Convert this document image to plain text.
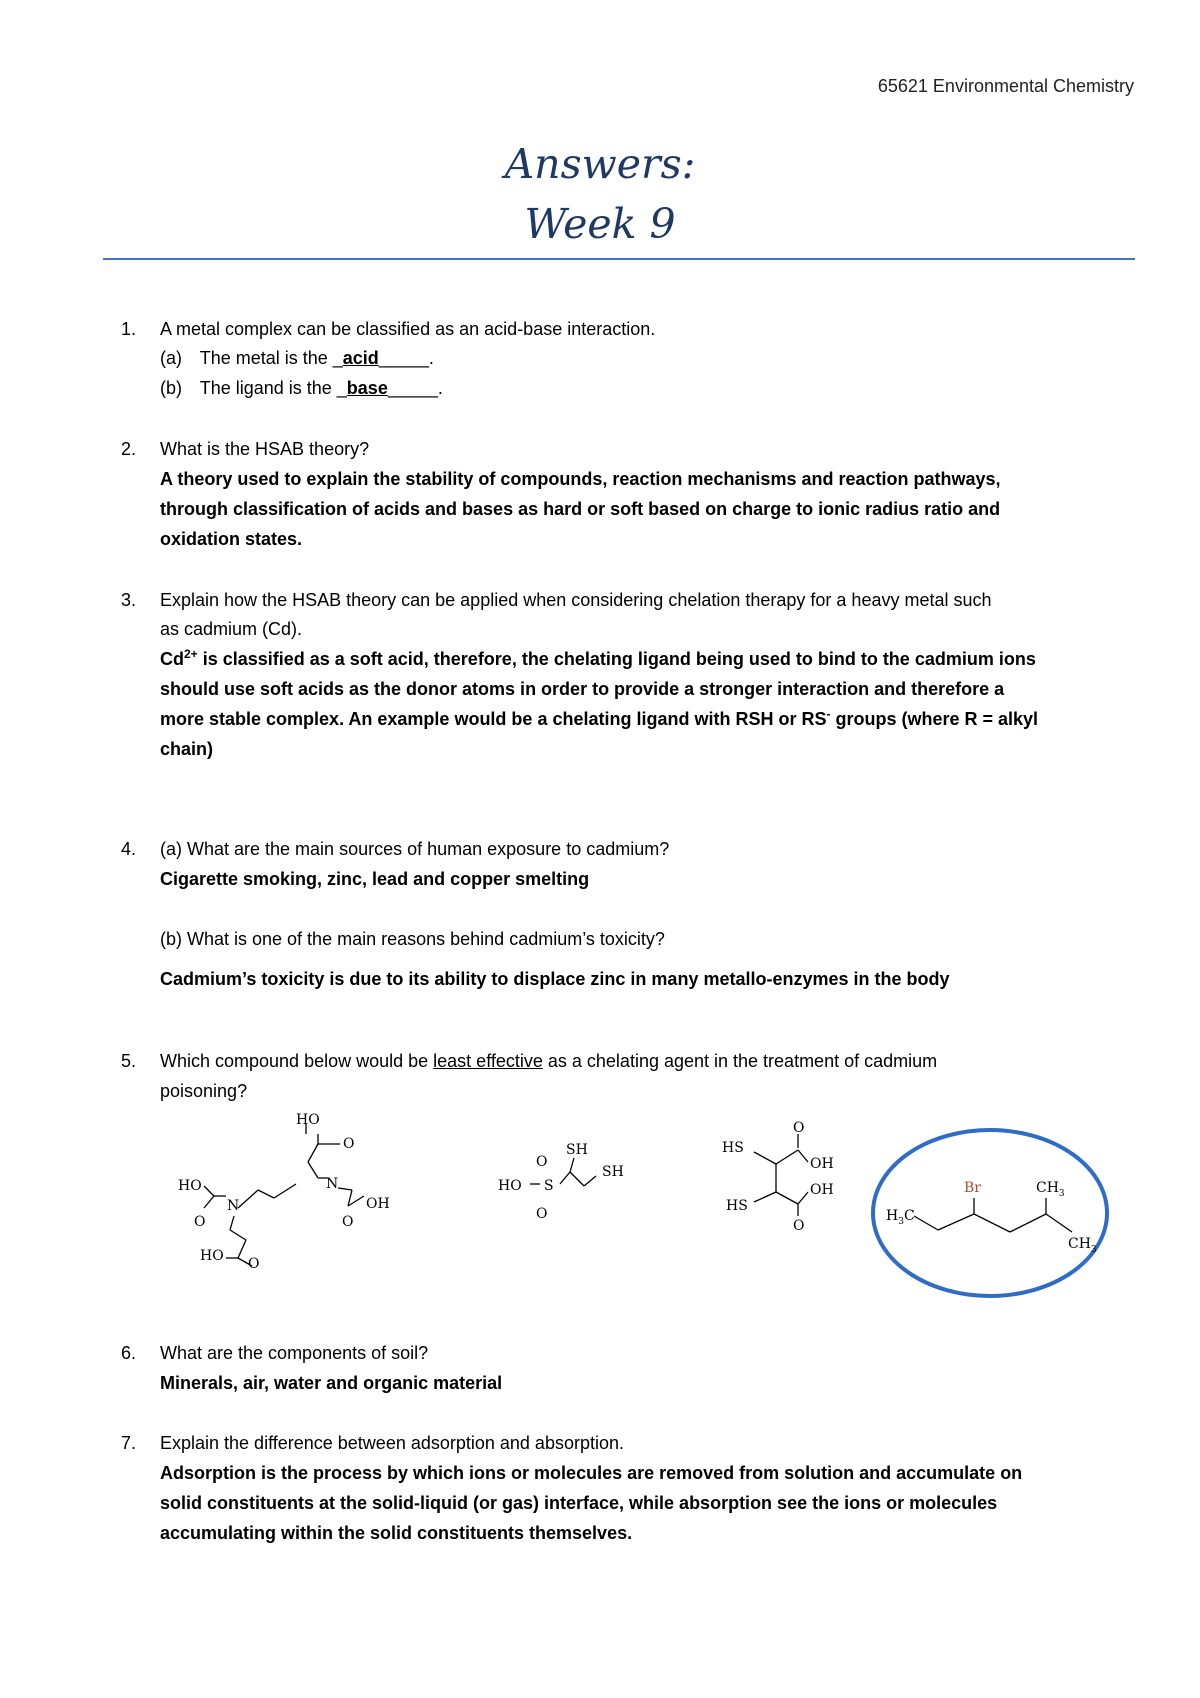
65621 Environmental Chemistry
Answers:
Week 9
1. A metal complex can be classified as an acid-base interaction.
(a) The metal is the _acid_____.
(b) The ligand is the _base_____.
2. What is the HSAB theory?
A theory used to explain the stability of compounds, reaction mechanisms and reaction pathways,
through classification of acids and bases as hard or soft based on charge to ionic radius ratio and
oxidation states.
3. Explain how the HSAB theory can be applied when considering chelation therapy for a heavy metal such
as cadmium (Cd).
$Cd^{2+}$ is classified as a soft acid, therefore, the chelating ligand being used to bind to the cadmium ions
should use soft acids as the donor atoms in order to provide a stronger interaction and therefore a
more stable complex. An example would be a chelating ligand with RSH or RS- groups (where R = alkyl
chain)
4. (a) What are the main sources of human exposure to cadmium?
Cigarette smoking, zinc, lead and copper smelting
(b) What is one of the main reasons behind cadmium’s toxicity?
Cadmium’s toxicity is due to its ability to displace zinc in many metallo-enzymes in the body
5. Which compound below would be least effective as a chelating agent in the treatment of cadmium
poisoning?
HO
O
HO
N
N
O
OH
O
HO O
O
SH
HO S
SH
O
O
HS
OH
OH
HS
O
Br	$CH_3$
$H_3C$
$CH_3$
6. What are the components of soil?
Minerals, air, water and organic material
7. Explain the difference between adsorption and absorption.
Adsorption is the process by which ions or molecules are removed from solution and accumulate on
solid constituents at the solid-liquid (or gas) interface, while absorption see the ions or molecules
accumulating within the solid constituents themselves.
